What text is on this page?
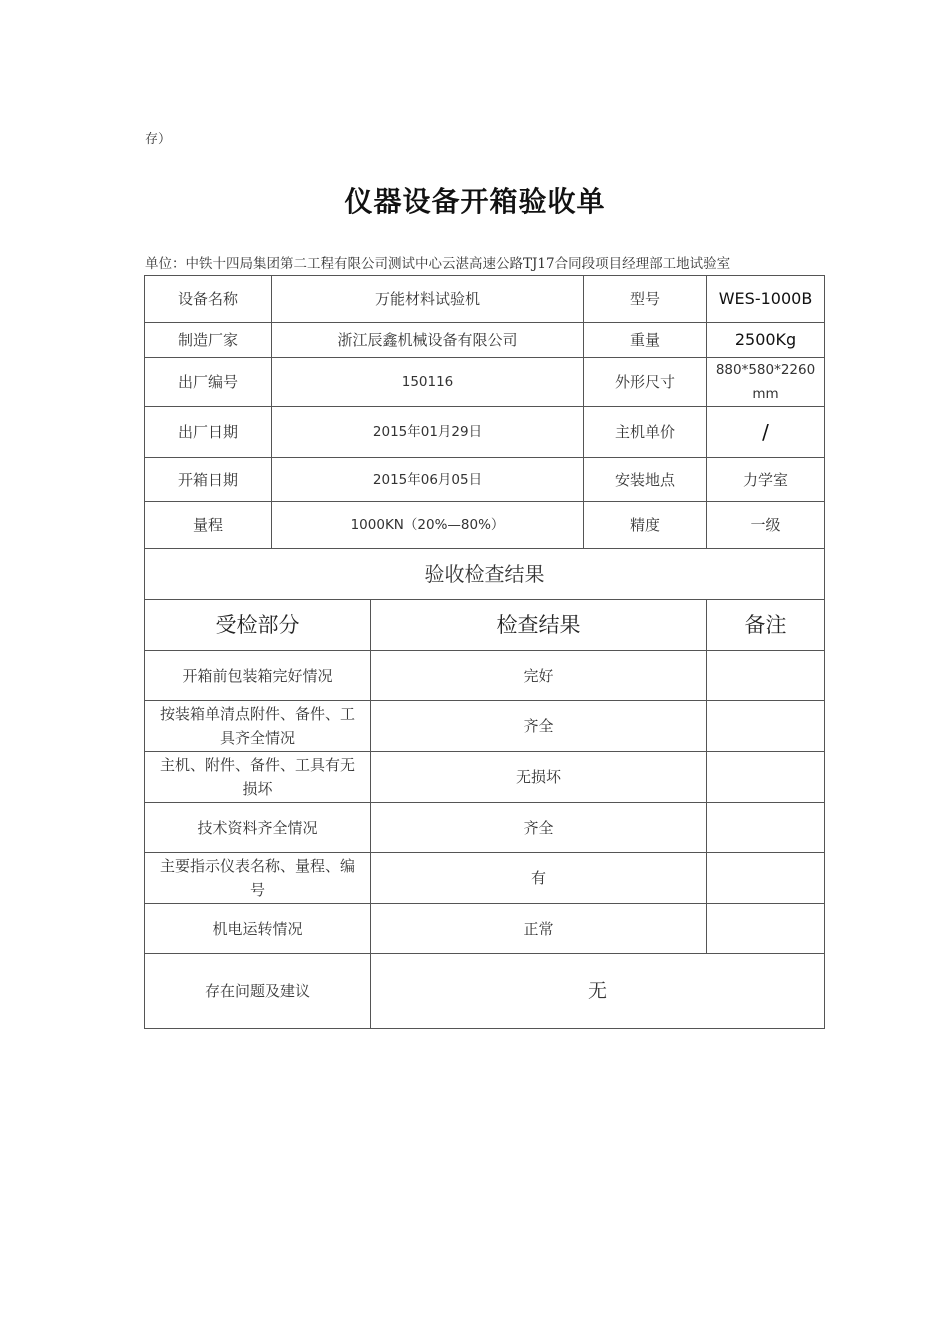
存）
仪器设备开箱验收单
单位：中铁十四局集团第二工程有限公司测试中心云湛高速公路TJ17合同段项目经理部工地试验室
设备名称	万能材料试验机		型号	WES-1000B
制造厂家	浙江辰鑫机械设备有限公司		重量	2500Kg
出厂编号	150116		外形尺寸	880*580*2260mm
出厂日期	2015年01月29日		主机单价	/
开箱日期	2015年06月05日		安装地点	力学室
量程	1000KN（20%—80%）		精度	一级
验收检查结果				
受检部分		检查结果		备注
开箱前包装箱完好情况		完好		
按装箱单清点附件、备件、工具齐全情况		齐全		
主机、附件、备件、工具有无损坏		无损坏		
技术资料齐全情况		齐全		
主要指示仪表名称、量程、编号		有		
机电运转情况		正常		
存在问题及建议		无		
